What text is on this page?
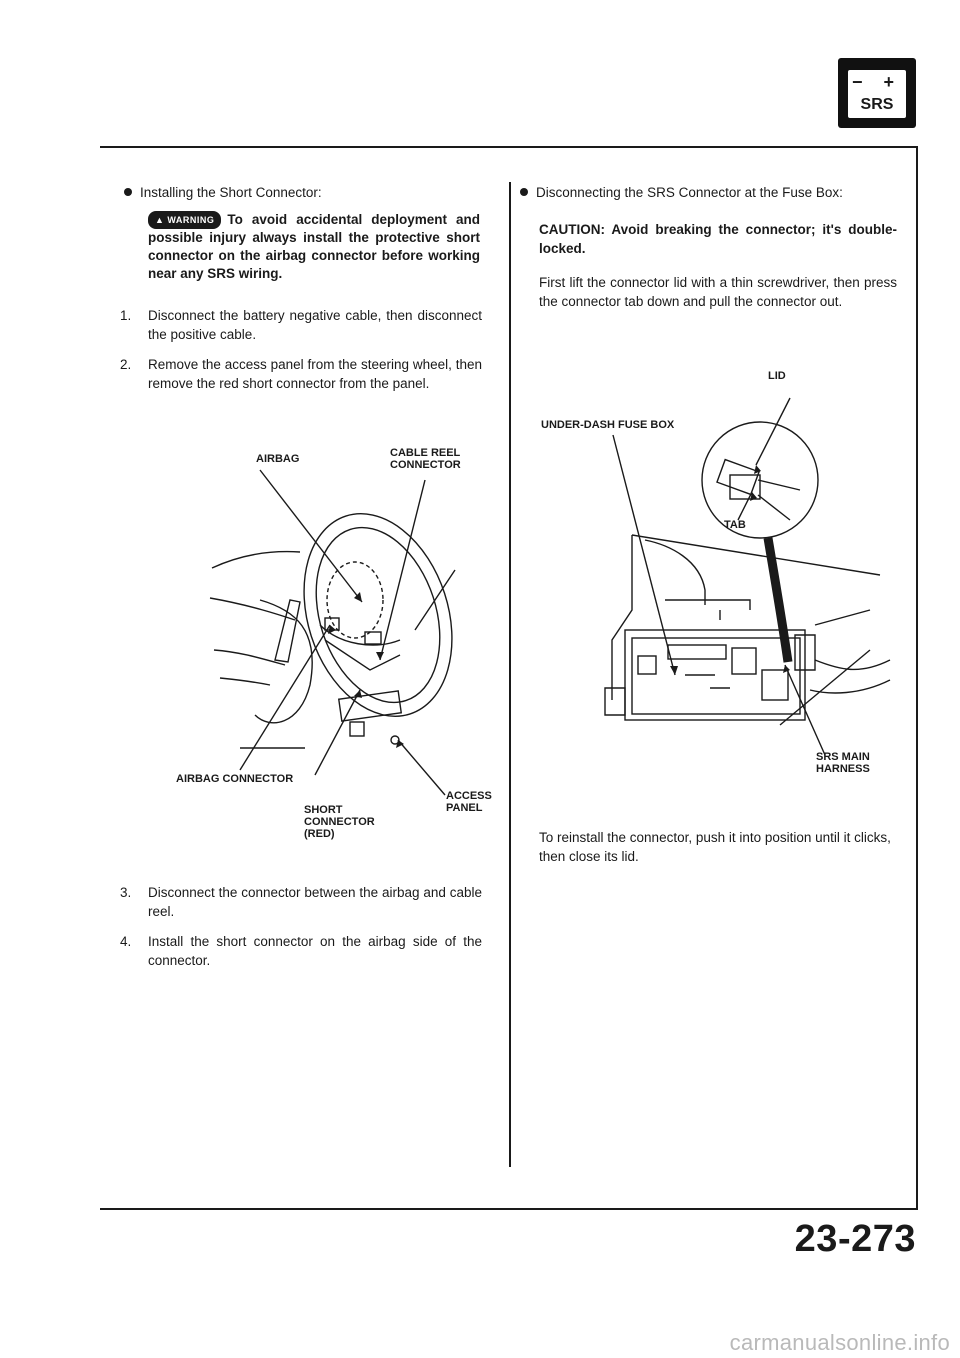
− +
SRS
Installing the Short Connector:
▲ WARNING To avoid accidental deployment and possible injury always install the protective short connector on the airbag connector before working near any SRS wiring.
1.	Disconnect the battery negative cable, then disconnect the positive cable.
2.	Remove the access panel from the steering wheel, then remove the red short connector from the panel.
AIRBAG	CABLE REEL CONNECTOR
AIRBAG CONNECTOR
SHORT CONNECTOR (RED)
ACCESS PANEL
3.	Disconnect the connector between the airbag and cable reel.
4.	Install the short connector on the airbag side of the connector.
Disconnecting the SRS Connector at the Fuse Box:
CAUTION: Avoid breaking the connector; it's double-locked.
First lift the connector lid with a thin screwdriver, then press the connector tab down and pull the connector out.
LID
UNDER-DASH FUSE BOX
TAB
SRS MAIN HARNESS
To reinstall the connector, push it into position until it clicks, then close its lid.
23-273
carmanualsonline.info
